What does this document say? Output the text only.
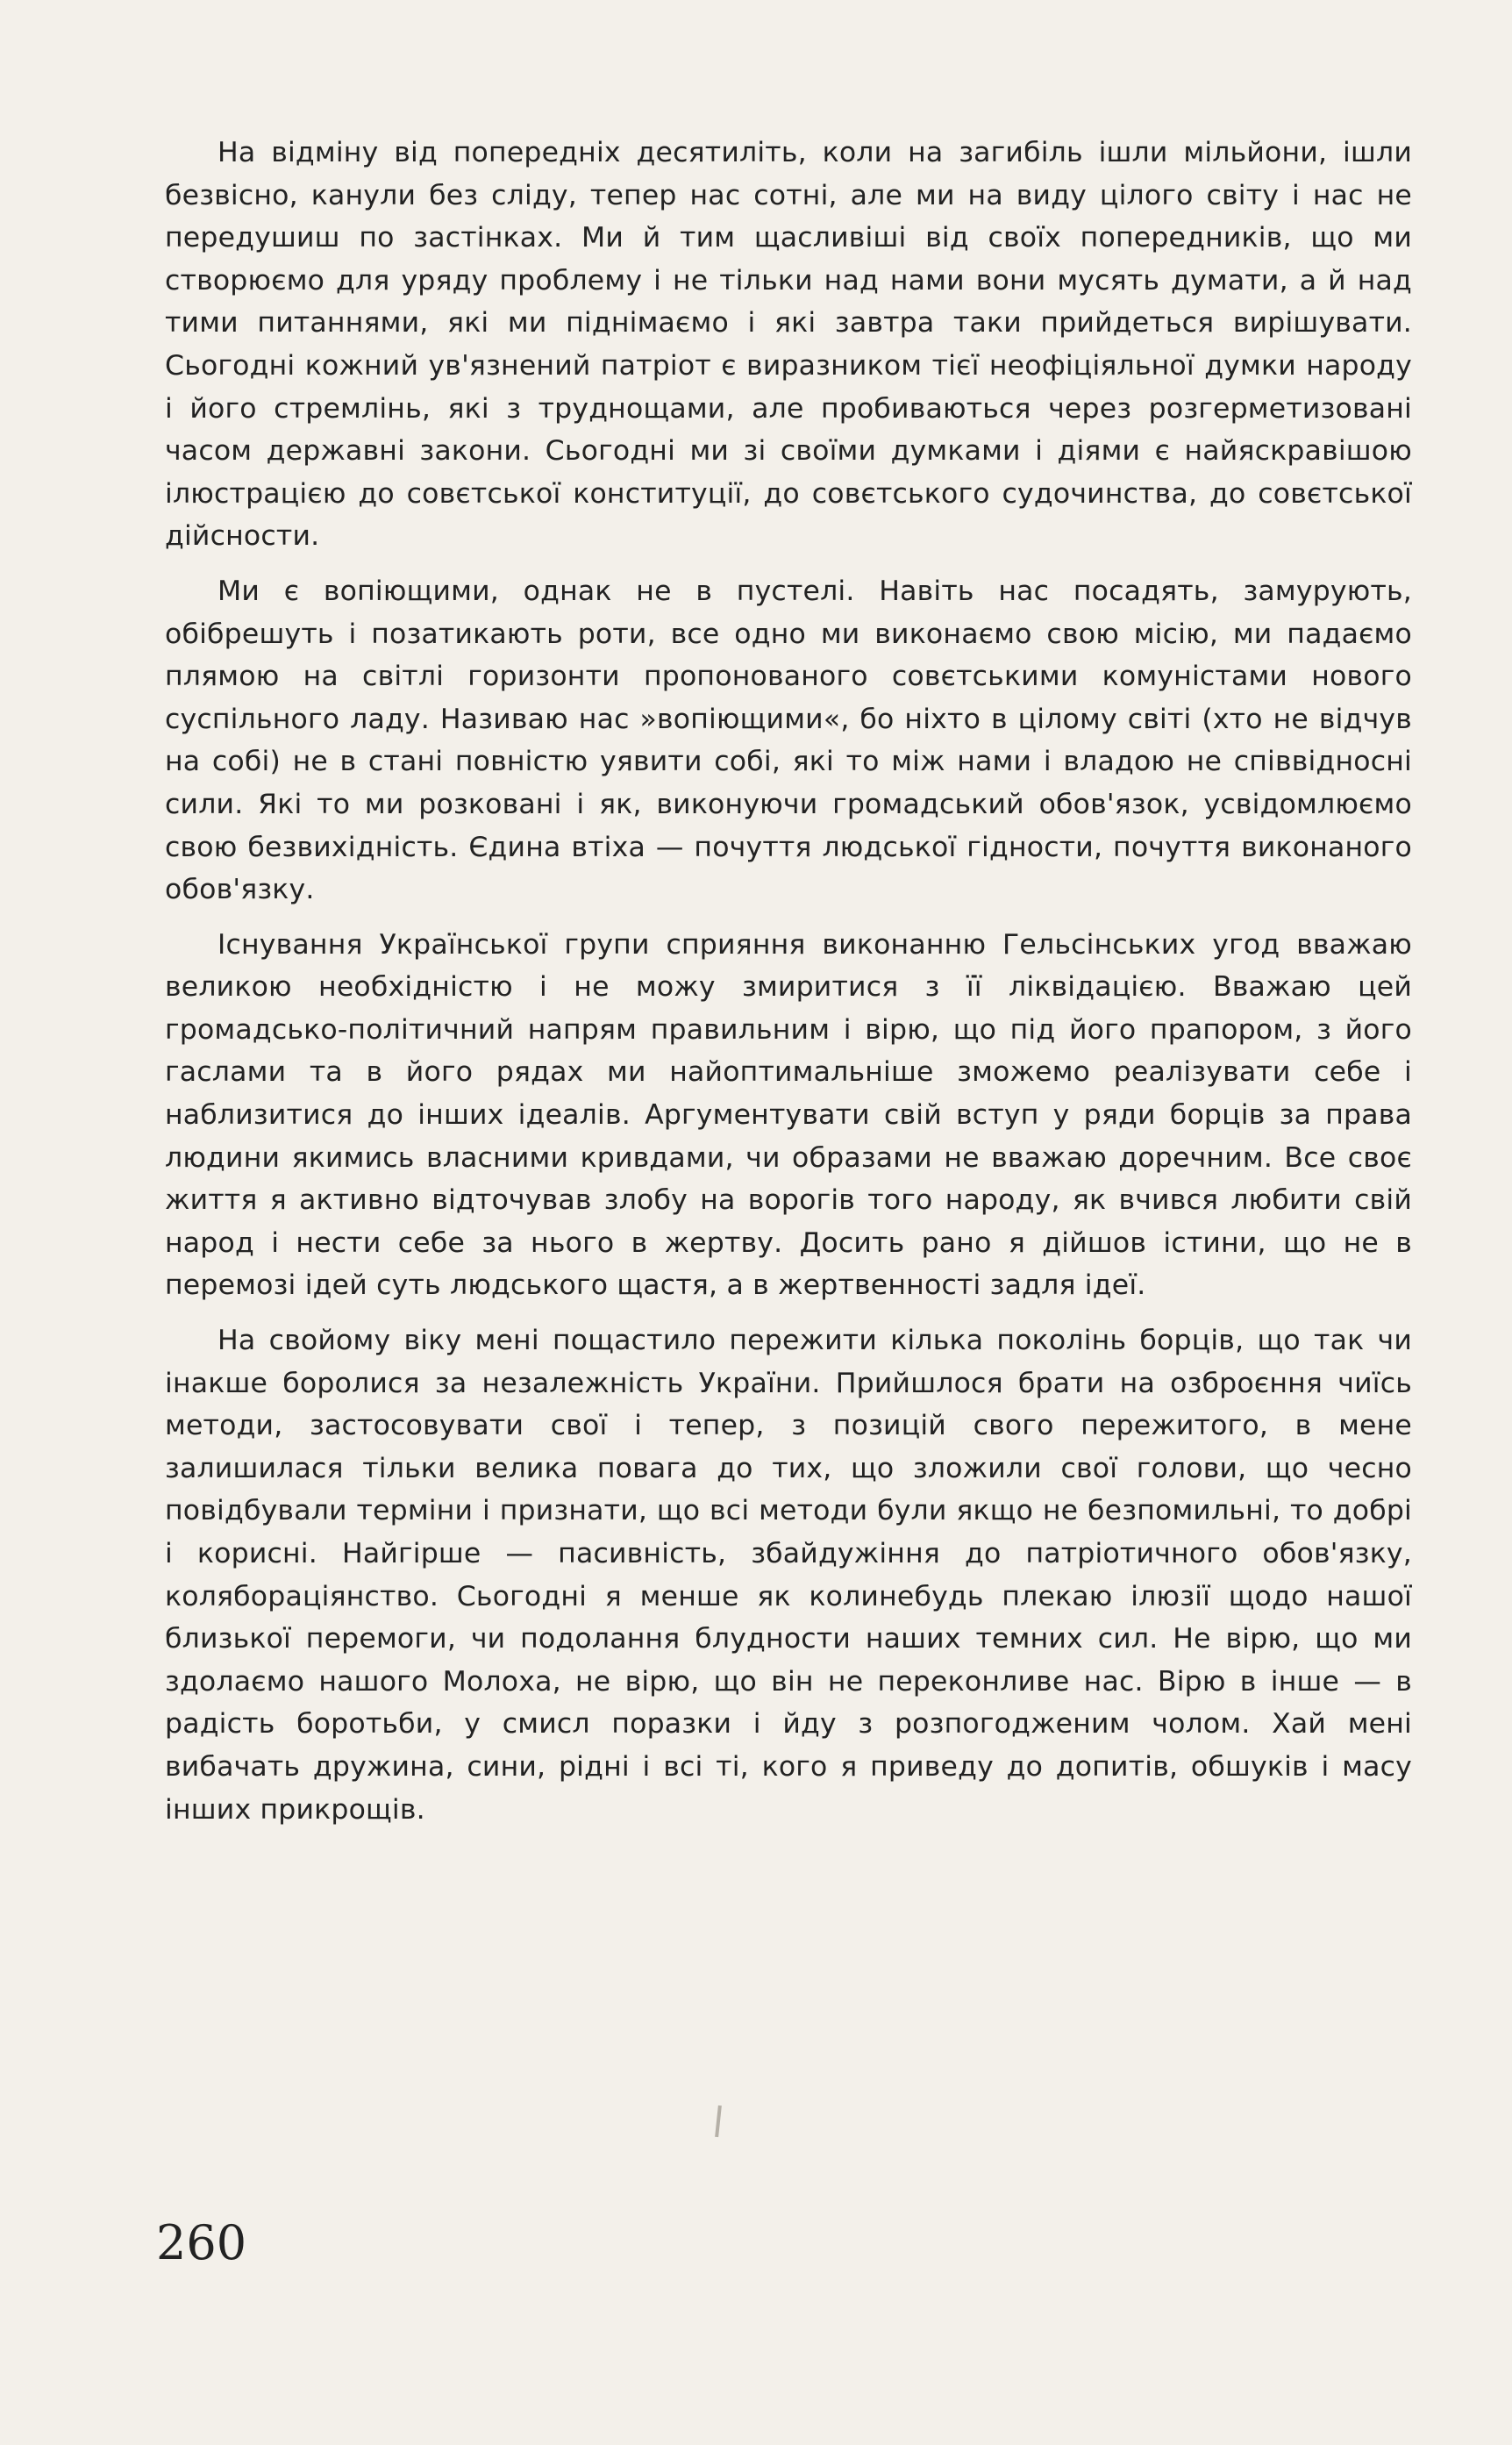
На відміну від попередніх десятиліть, коли на загибіль ішли мільйони, ішли безвісно, канули без сліду, тепер нас сотні, але ми на виду цілого світу і нас не передушиш по застінках. Ми й тим щасливіші від своїх попередників, що ми створюємо для уряду проблему і не тільки над нами вони мусять думати, а й над тими питаннями, які ми піднімаємо і які завтра таки прийдеться вирішувати. Сьогодні кожний ув'язнений патріот є виразником тієї неофіціяльної думки народу і його стремлінь, які з труднощами, але пробиваються через розгерметизовані часом державні закони. Сьогодні ми зі своїми думками і діями є найяскравішою ілюстрацією до совєтської конституції, до совєтського судочинства, до совєтської дійсности.

Ми є вопіющими, однак не в пустелі. Навіть нас посадять, замурують, обібрешуть і позатикають роти, все одно ми виконаємо свою місію, ми падаємо плямою на світлі горизонти пропонованого совєтськими комуністами нового суспільного ладу. Називаю нас »вопіющими«, бо ніхто в цілому світі (хто не відчув на собі) не в стані повністю уявити собі, які то між нами і владою не співвідносні сили. Які то ми розковані і як, виконуючи громадський обов'язок, усвідомлюємо свою безвихідність. Єдина втіха — почуття людської гідности, почуття виконаного обов'язку.

Існування Української групи сприяння виконанню Гельсінських угод вважаю великою необхідністю і не можу змиритися з її ліквідацією. Вважаю цей громадсько-політичний напрям правильним і вірю, що під його прапором, з його гаслами та в його рядах ми найоптимальніше зможемо реалізувати себе і наблизитися до інших ідеалів. Аргументувати свій вступ у ряди борців за права людини якимись власними кривдами, чи образами не вважаю доречним. Все своє життя я активно відточував злобу на ворогів того народу, як вчився любити свій народ і нести себе за нього в жертву. Досить рано я дійшов істини, що не в перемозі ідей суть людського щастя, а в жертвенності задля ідеї.

На свойому віку мені пощастило пережити кілька поколінь борців, що так чи інакше боролися за незалежність України. Прийшлося брати на озброєння чиїсь методи, застосовувати свої і тепер, з позицій свого пережитого, в мене залишилася тільки велика повага до тих, що зложили свої голови, що чесно повідбували терміни і признати, що всі методи були якщо не безпомильні, то добрі і корисні. Найгірше — пасивність, збайдужіння до патріотичного обов'язку, колябораціянство. Сьогодні я менше як колинебудь плекаю ілюзії щодо нашої близької перемоги, чи подолання блудности наших темних сил. Не вірю, що ми здолаємо нашого Молоха, не вірю, що він не переконливе нас. Вірю в інше — в радість боротьби, у смисл поразки і йду з розпогодженим чолом. Хай мені вибачать дружина, сини, рідні і всі ті, кого я приведу до допитів, обшуків і масу інших прикрощів.

260
